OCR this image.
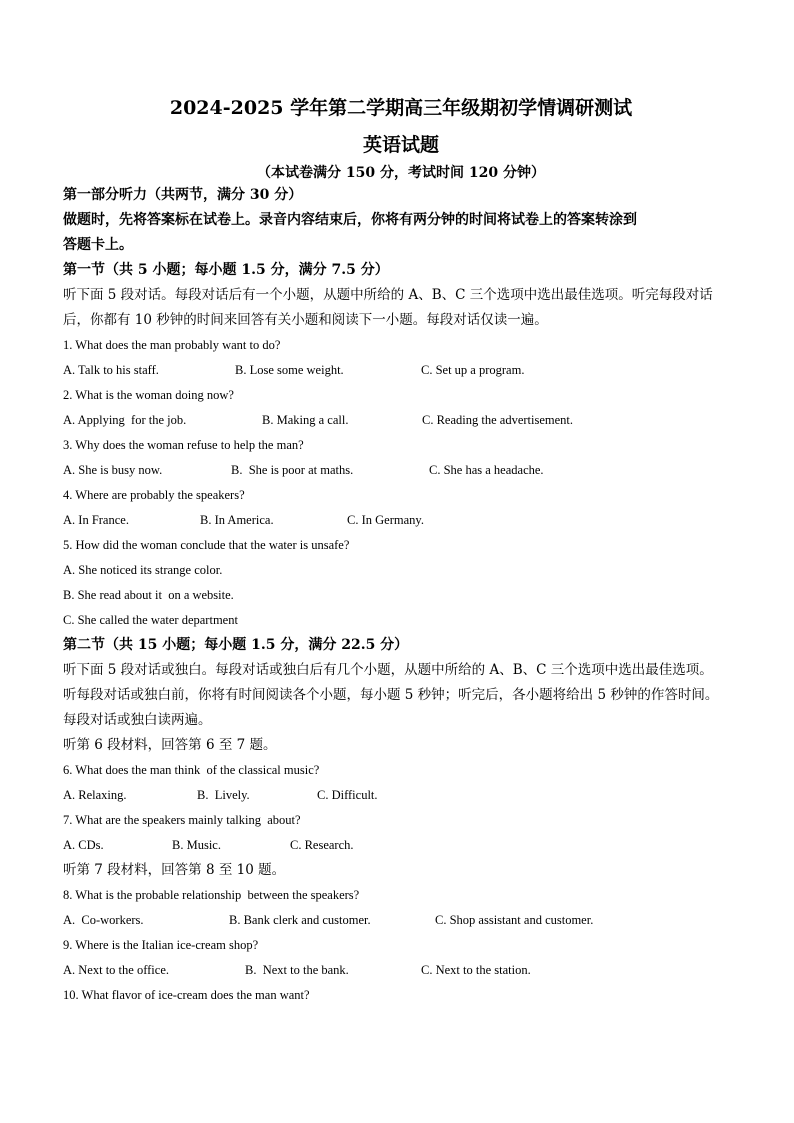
2024-2025 学年第二学期高三年级期初学情调研测试
英语试题
（本试卷满分 150 分，考试时间 120 分钟）
第一部分听力（共两节，满分 30 分）
做题时，先将答案标在试卷上。录音内容结束后，你将有两分钟的时间将试卷上的答案转涂到
答题卡上。
第一节（共 5 小题；每小题 1.5 分，满分 7.5 分）
听下面 5 段对话。每段对话后有一个小题，从题中所给的 A、B、C 三个选项中选出最佳选项。听完每段对话
后，你都有 10 秒钟的时间来回答有关小题和阅读下一小题。每段对话仅读一遍。
1. What does the man probably want to do?
A. Talk to his staff.	B. Lose some weight.	C. Set up a program.
2. What is the woman doing now?
A. Applying  for the job.	B. Making a call.	C. Reading the advertisement.
3. Why does the woman refuse to help the man?
A. She is busy now.	B.  She is poor at maths.	C. She has a headache.
4. Where are probably the speakers?
A. In France.	B. In America.	C. In Germany.
5. How did the woman conclude that the water is unsafe?
A. She noticed its strange color.
B. She read about it  on a website.
C. She called the water department
第二节（共 15 小题；每小题 1.5 分，满分 22.5 分）
听下面 5 段对话或独白。每段对话或独白后有几个小题，从题中所给的 A、B、C 三个选项中选出最佳选项。
听每段对话或独白前，你将有时间阅读各个小题，每小题 5 秒钟；听完后，各小题将给出 5 秒钟的作答时间。
每段对话或独白读两遍。
听第 6 段材料，回答第 6 至 7 题。
6. What does the man think  of the classical music?
A. Relaxing.	B.  Lively.	C. Difficult.
7. What are the speakers mainly talking  about?
A. CDs.	B. Music.	C. Research.
听第 7 段材料，回答第 8 至 10 题。
8. What is the probable relationship  between the speakers?
A.  Co-workers.	B. Bank clerk and customer.	C. Shop assistant and customer.
9. Where is the Italian ice-cream shop?
A. Next to the office.	B.  Next to the bank.	C. Next to the station.
10. What flavor of ice-cream does the man want?
